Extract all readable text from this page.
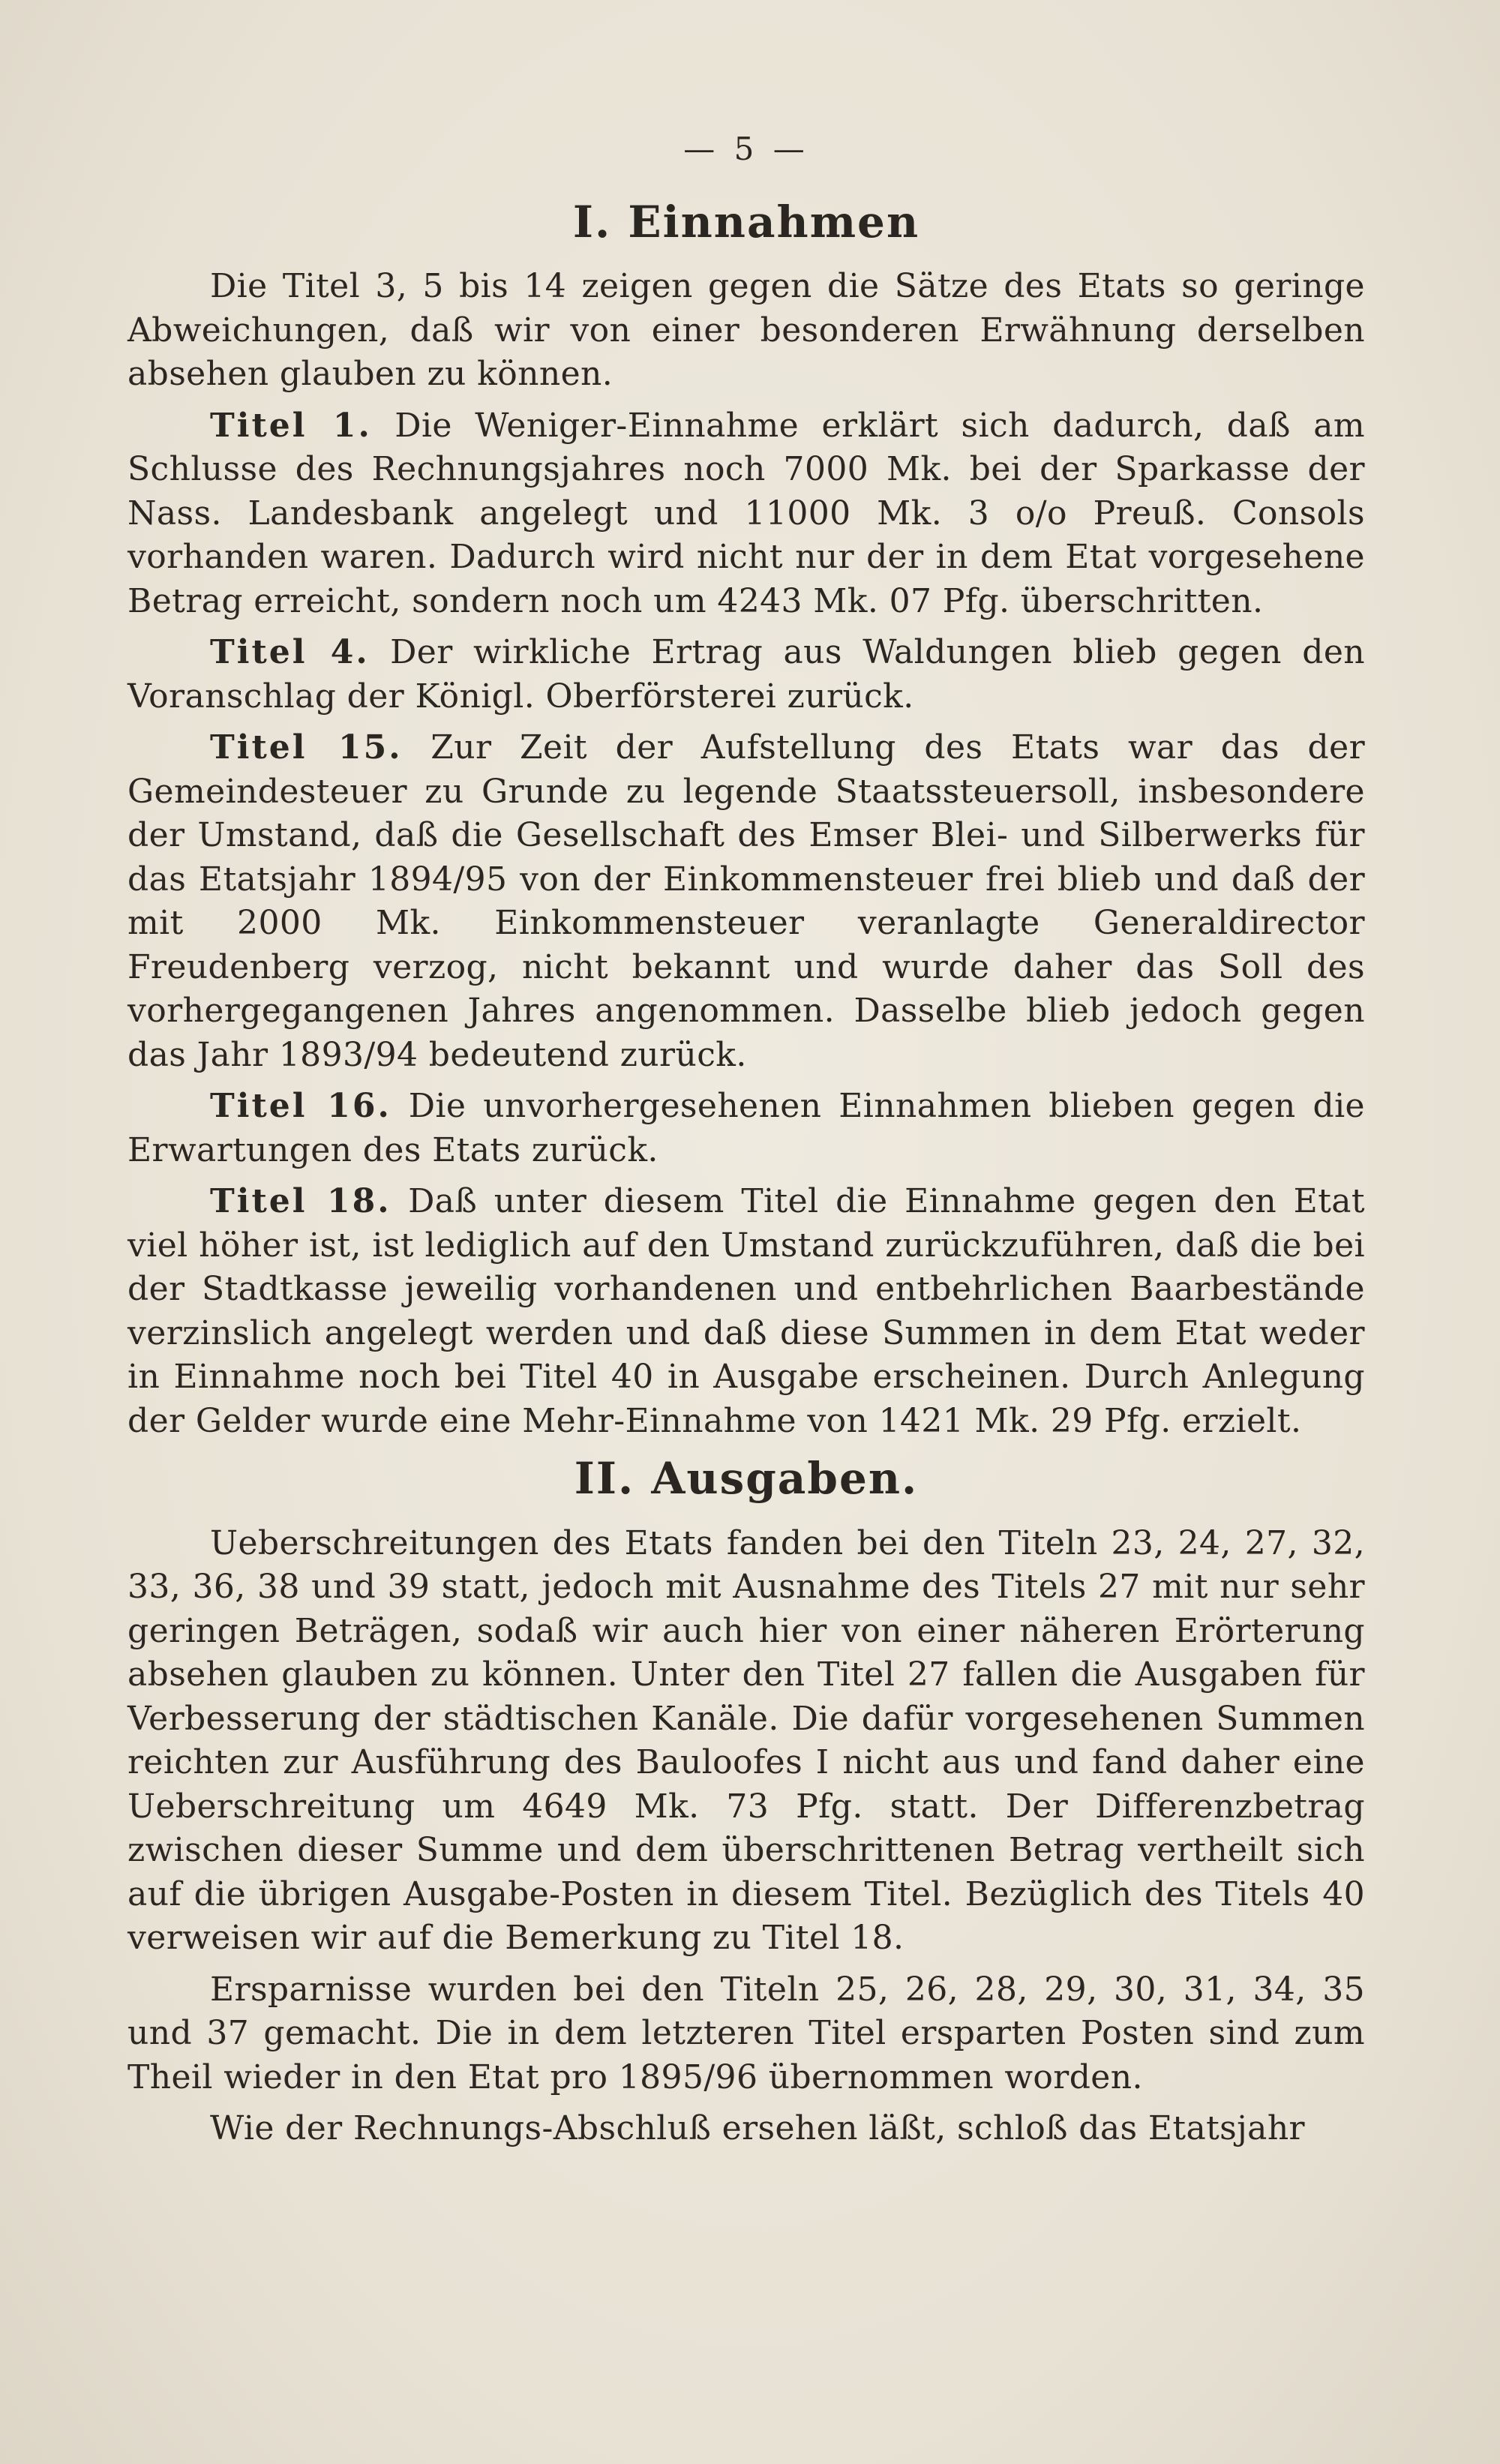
— 5 —
I. Einnahmen

Die Titel 3, 5 bis 14 zeigen gegen die Sätze des Etats so geringe Abweichungen, daß wir von einer besonderen Erwähnung derselben absehen glauben zu können.

Titel 1. Die Weniger-Einnahme erklärt sich dadurch, daß am Schlusse des Rechnungsjahres noch 7000 Mk. bei der Sparkasse der Nass. Landesbank angelegt und 11000 Mk. 3 o/o Preuß. Consols vorhanden waren. Dadurch wird nicht nur der in dem Etat vorgesehene Betrag erreicht, sondern noch um 4243 Mk. 07 Pfg. überschritten.

Titel 4. Der wirkliche Ertrag aus Waldungen blieb gegen den Voranschlag der Königl. Oberförsterei zurück.

Titel 15. Zur Zeit der Aufstellung des Etats war das der Gemeindesteuer zu Grunde zu legende Staatssteuersoll, insbesondere der Umstand, daß die Gesellschaft des Emser Blei- und Silberwerks für das Etatsjahr 1894/95 von der Einkommensteuer frei blieb und daß der mit 2000 Mk. Einkommensteuer veranlagte Generaldirector Freudenberg verzog, nicht bekannt und wurde daher das Soll des vorhergegangenen Jahres angenommen. Dasselbe blieb jedoch gegen das Jahr 1893/94 bedeutend zurück.

Titel 16. Die unvorhergesehenen Einnahmen blieben gegen die Erwartungen des Etats zurück.

Titel 18. Daß unter diesem Titel die Einnahme gegen den Etat viel höher ist, ist lediglich auf den Umstand zurückzuführen, daß die bei der Stadtkasse jeweilig vorhandenen und entbehrlichen Baarbestände verzinslich angelegt werden und daß diese Summen in dem Etat weder in Einnahme noch bei Titel 40 in Ausgabe erscheinen. Durch Anlegung der Gelder wurde eine Mehr-Einnahme von 1421 Mk. 29 Pfg. erzielt.

II. Ausgaben.

Ueberschreitungen des Etats fanden bei den Titeln 23, 24, 27, 32, 33, 36, 38 und 39 statt, jedoch mit Ausnahme des Titels 27 mit nur sehr geringen Beträgen, sodaß wir auch hier von einer näheren Erörterung absehen glauben zu können. Unter den Titel 27 fallen die Ausgaben für Verbesserung der städtischen Kanäle. Die dafür vorgesehenen Summen reichten zur Ausführung des Bauloofes I nicht aus und fand daher eine Ueberschreitung um 4649 Mk. 73 Pfg. statt. Der Differenzbetrag zwischen dieser Summe und dem überschrittenen Betrag vertheilt sich auf die übrigen Ausgabe-Posten in diesem Titel. Bezüglich des Titels 40 verweisen wir auf die Bemerkung zu Titel 18.

Ersparnisse wurden bei den Titeln 25, 26, 28, 29, 30, 31, 34, 35 und 37 gemacht. Die in dem letzteren Titel ersparten Posten sind zum Theil wieder in den Etat pro 1895/96 übernommen worden.

Wie der Rechnungs-Abschluß ersehen läßt, schloß das Etatsjahr
